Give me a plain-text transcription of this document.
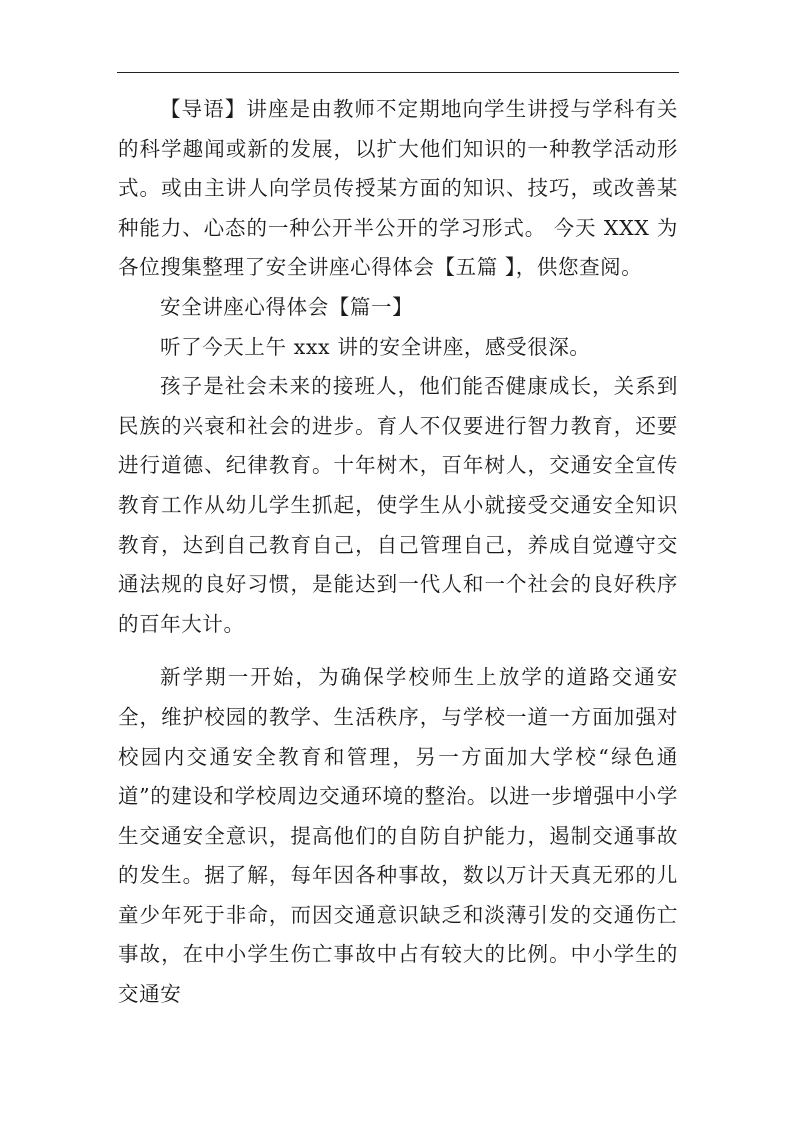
【导语】讲座是由教师不定期地向学生讲授与学科有关的科学趣闻或新的发展，以扩大他们知识的一种教学活动形式。或由主讲人向学员传授某方面的知识、技巧，或改善某种能力、心态的一种公开半公开的学习形式。 今天 XXX 为各位搜集整理了安全讲座心得体会【五篇 】，供您查阅。

安全讲座心得体会【篇一】

听了今天上午 xxx 讲的安全讲座，感受很深。

孩子是社会未来的接班人，他们能否健康成长，关系到民族的兴衰和社会的进步。育人不仅要进行智力教育，还要进行道德、纪律教育。十年树木，百年树人，交通安全宣传教育工作从幼儿学生抓起，使学生从小就接受交通安全知识教育，达到自己教育自己，自己管理自己，养成自觉遵守交通法规的良好习惯，是能达到一代人和一个社会的良好秩序的百年大计。

新学期一开始，为确保学校师生上放学的道路交通安全，维护校园的教学、生活秩序，与学校一道一方面加强对校园内交通安全教育和管理，另一方面加大学校“绿色通道”的建设和学校周边交通环境的整治。以进一步增强中小学生交通安全意识，提高他们的自防自护能力，遏制交通事故的发生。据了解，每年因各种事故，数以万计天真无邪的儿童少年死于非命，而因交通意识缺乏和淡薄引发的交通伤亡事故，在中小学生伤亡事故中占有较大的比例。中小学生的交通安
